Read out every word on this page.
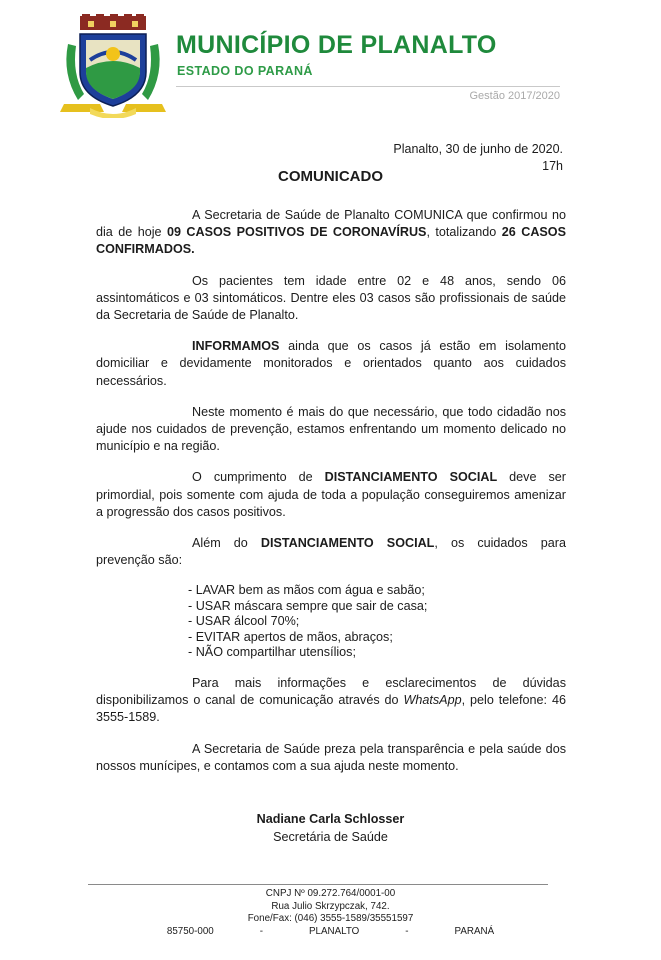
MUNICÍPIO DE PLANALTO
ESTADO DO PARANÁ
Gestão 2017/2020
Planalto, 30 de junho de 2020.
17h
COMUNICADO

A Secretaria de Saúde de Planalto COMUNICA que confirmou no dia de hoje 09 CASOS POSITIVOS DE CORONAVÍRUS, totalizando 26 CASOS CONFIRMADOS.

Os pacientes tem idade entre 02 e 48 anos, sendo 06 assintomáticos e 03 sintomáticos. Dentre eles 03 casos são profissionais de saúde da Secretaria de Saúde de Planalto.

INFORMAMOS ainda que os casos já estão em isolamento domiciliar e devidamente monitorados e orientados quanto aos cuidados necessários.

Neste momento é mais do que necessário, que todo cidadão nos ajude nos cuidados de prevenção, estamos enfrentando um momento delicado no município e na região.

O cumprimento de DISTANCIAMENTO SOCIAL deve ser primordial, pois somente com ajuda de toda a população conseguiremos amenizar a progressão dos casos positivos.

Além do DISTANCIAMENTO SOCIAL, os cuidados para prevenção são:

- LAVAR bem as mãos com água e sabão;
- USAR máscara sempre que sair de casa;
- USAR álcool 70%;
- EVITAR apertos de mãos, abraços;
- NÃO compartilhar utensílios;

Para mais informações e esclarecimentos de dúvidas disponibilizamos o canal de comunicação através do WhatsApp, pelo telefone: 46 3555-1589.

A Secretaria de Saúde preza pela transparência e pela saúde dos nossos munícipes, e contamos com a sua ajuda neste momento.

Nadiane Carla Schlosser
Secretária de Saúde
CNPJ Nº 09.272.764/0001-00
Rua Julio Skrzypczak, 742.
Fone/Fax: (046) 3555-1589/35551597
85750-000	-	PLANALTO	-	PARANÁ
